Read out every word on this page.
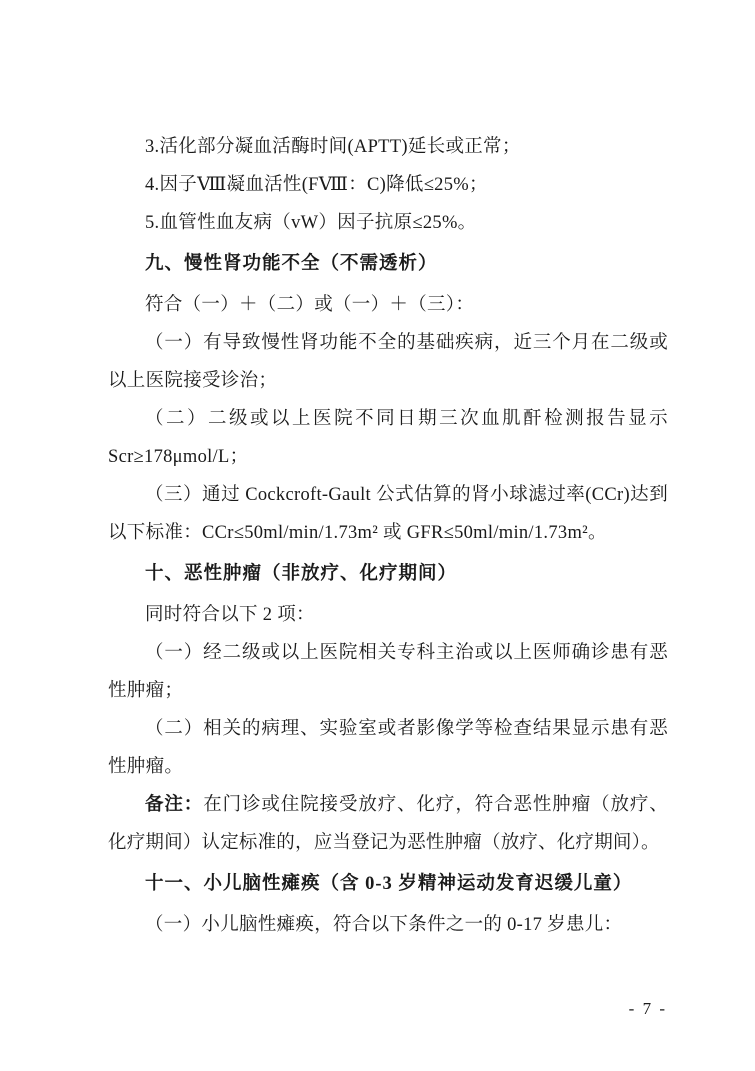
3.活化部分凝血活酶时间(APTT)延长或正常；
4.因子Ⅷ凝血活性(FⅧ：C)降低≤25%；
5.血管性血友病（vW）因子抗原≤25%。
九、慢性肾功能不全（不需透析）
符合（一）＋（二）或（一）＋（三）：
（一）有导致慢性肾功能不全的基础疾病，近三个月在二级或以上医院接受诊治；
（二）二级或以上医院不同日期三次血肌酐检测报告显示Scr≥178μmol/L；
（三）通过 Cockcroft-Gault 公式估算的肾小球滤过率(CCr)达到以下标准：CCr≤50ml/min/1.73m² 或 GFR≤50ml/min/1.73m²。
十、恶性肿瘤（非放疗、化疗期间）
同时符合以下 2 项：
（一）经二级或以上医院相关专科主治或以上医师确诊患有恶性肿瘤；
（二）相关的病理、实验室或者影像学等检查结果显示患有恶性肿瘤。
备注：在门诊或住院接受放疗、化疗，符合恶性肿瘤（放疗、化疗期间）认定标准的，应当登记为恶性肿瘤（放疗、化疗期间）。
十一、小儿脑性瘫痪（含 0-3 岁精神运动发育迟缓儿童）
（一）小儿脑性瘫痪，符合以下条件之一的 0-17 岁患儿：
- 7 -
